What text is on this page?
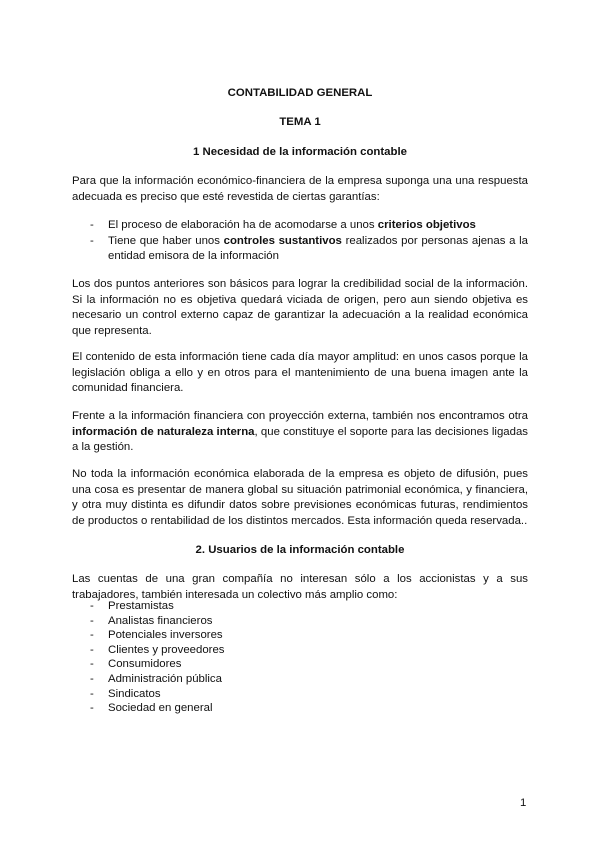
CONTABILIDAD GENERAL
TEMA 1
1 Necesidad de la información contable
Para que la información económico-financiera de la empresa suponga una una respuesta adecuada es preciso que esté revestida de ciertas garantías:
- El proceso de elaboración ha de acomodarse a unos criterios objetivos
- Tiene que haber unos controles sustantivos realizados por personas ajenas a la entidad emisora de la información
Los dos puntos anteriores son básicos para lograr la credibilidad social de la información. Si la información no es objetiva quedará viciada de origen, pero aun siendo objetiva es necesario un control externo capaz de garantizar la adecuación a la realidad económica que representa.
El contenido de esta información tiene cada día mayor amplitud: en unos casos porque la legislación obliga a ello y en otros para el mantenimiento de una buena imagen ante la comunidad financiera.
Frente a la información financiera con proyección externa, también nos encontramos otra información de naturaleza interna, que constituye el soporte para las decisiones ligadas a la gestión.
No toda la información económica elaborada de la empresa es objeto de difusión, pues una cosa es presentar de manera global su situación patrimonial económica, y financiera, y otra muy distinta es difundir datos sobre previsiones económicas futuras, rendimientos de productos o rentabilidad de los distintos mercados. Esta información queda reservada..
2. Usuarios de la información contable
Las cuentas de una gran compañía no interesan sólo a los accionistas y a sus trabajadores, también interesada un colectivo más amplio como:
- Prestamistas
- Analistas financieros
- Potenciales inversores
- Clientes y proveedores
- Consumidores
- Administración pública
- Sindicatos
- Sociedad en general
1
